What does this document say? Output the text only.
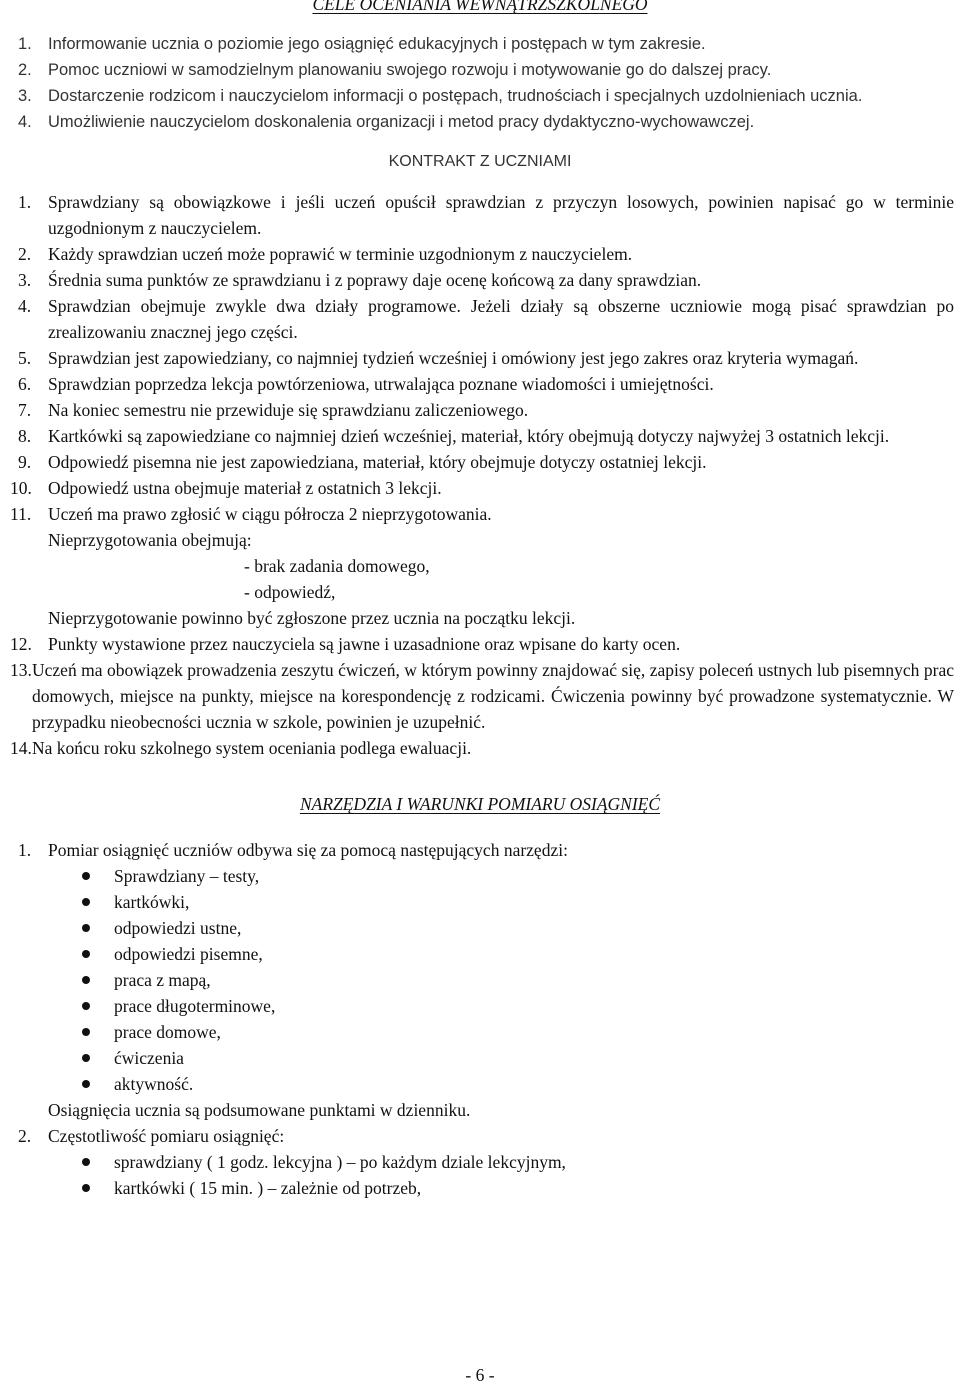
CELE OCENIANIA WEWNĄTRZSZKOLNEGO
1. Informowanie ucznia o poziomie jego osiągnięć edukacyjnych i postępach w tym zakresie.
2. Pomoc uczniowi w samodzielnym planowaniu swojego rozwoju i motywowanie go do dalszej pracy.
3. Dostarczenie rodzicom i nauczycielom informacji o postępach, trudnościach i specjalnych uzdolnieniach ucznia.
4. Umożliwienie nauczycielom doskonalenia organizacji i metod pracy dydaktyczno-wychowawczej.
KONTRAKT Z UCZNIAMI
1. Sprawdziany są obowiązkowe i jeśli uczeń opuścił sprawdzian z przyczyn losowych, powinien napisać go w terminie uzgodnionym z nauczycielem.
2. Każdy sprawdzian uczeń może poprawić w terminie uzgodnionym z nauczycielem.
3. Średnia suma punktów ze sprawdzianu i z poprawy daje ocenę końcową za dany sprawdzian.
4. Sprawdzian obejmuje zwykle dwa działy programowe. Jeżeli działy są obszerne uczniowie mogą pisać sprawdzian po zrealizowaniu znacznej jego części.
5. Sprawdzian jest zapowiedziany, co najmniej tydzień wcześniej i omówiony jest jego zakres oraz kryteria wymagań.
6. Sprawdzian poprzedza lekcja powtórzeniowa, utrwalająca poznane wiadomości i umiejętności.
7. Na koniec semestru nie przewiduje się sprawdzianu zaliczeniowego.
8. Kartkówki są zapowiedziane co najmniej dzień wcześniej, materiał, który obejmują dotyczy najwyżej 3 ostatnich lekcji.
9. Odpowiedź pisemna nie jest zapowiedziana, materiał, który obejmuje dotyczy ostatniej lekcji.
10. Odpowiedź ustna obejmuje materiał z ostatnich 3 lekcji.
11. Uczeń ma prawo zgłosić w ciągu półrocza 2 nieprzygotowania.
Nieprzygotowania obejmują:
- brak zadania domowego,
- odpowiedź,
Nieprzygotowanie powinno być zgłoszone przez ucznia na początku lekcji.
12. Punkty wystawione przez nauczyciela są jawne i uzasadnione oraz wpisane do karty ocen.
13. Uczeń ma obowiązek prowadzenia zeszytu ćwiczeń, w którym powinny znajdować się, zapisy poleceń ustnych lub pisemnych prac domowych, miejsce na punkty, miejsce na korespondencję z rodzicami. Ćwiczenia powinny być prowadzone systematycznie. W przypadku nieobecności ucznia w szkole, powinien je uzupełnić.
14. Na końcu roku szkolnego system oceniania podlega ewaluacji.
NARZĘDZIA I WARUNKI POMIARU OSIĄGNIĘĆ
1. Pomiar osiągnięć uczniów odbywa się za pomocą następujących narzędzi:
Sprawdziany – testy,
kartkówki,
odpowiedzi ustne,
odpowiedzi pisemne,
praca z mapą,
prace długoterminowe,
prace domowe,
ćwiczenia
aktywność.
Osiągnięcia ucznia są podsumowane punktami w dzienniku.
2. Częstotliwość pomiaru osiągnięć:
sprawdziany ( 1 godz. lekcyjna ) – po każdym dziale lekcyjnym,
kartkówki ( 15 min. ) – zależnie od potrzeb,
- 6 -
